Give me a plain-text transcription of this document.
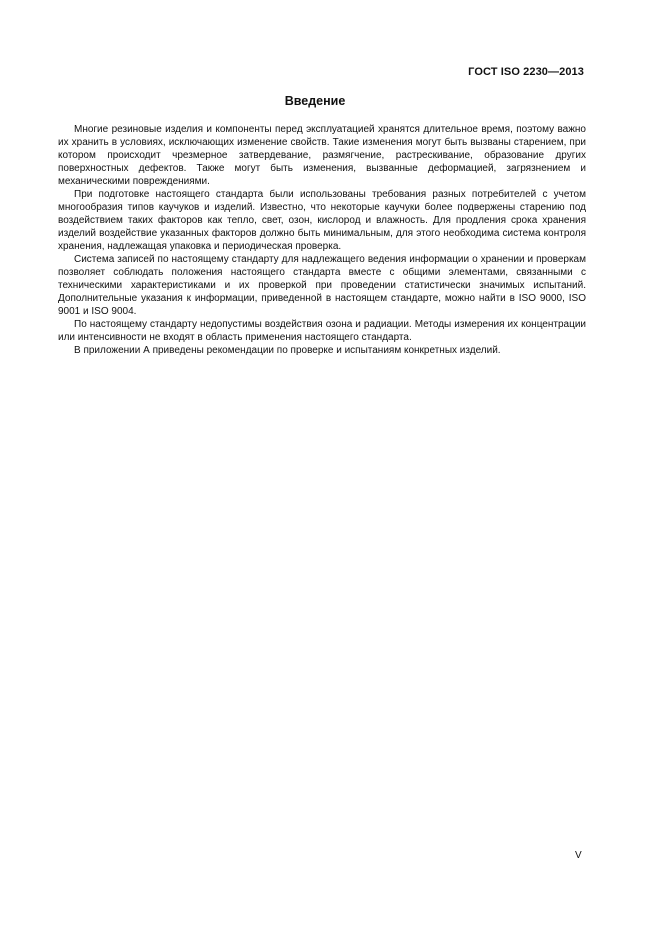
ГОСТ ISO 2230—2013
Введение

Многие резиновые изделия и компоненты перед эксплуатацией хранятся длительное время, поэтому важно их хранить в условиях, исключающих изменение свойств. Такие изменения могут быть вызваны старением, при котором происходит чрезмерное затвердевание, размягчение, растрескивание, образование других поверхностных дефектов. Также могут быть изменения, вызванные деформацией, загрязнением и механическими повреждениями.

При подготовке настоящего стандарта были использованы требования разных потребителей с учетом многообразия типов каучуков и изделий. Известно, что некоторые каучуки более подвержены старению под воздействием таких факторов как тепло, свет, озон, кислород и влажность. Для продления срока хранения изделий воздействие указанных факторов должно быть минимальным, для этого необходима система контроля хранения, надлежащая упаковка и периодическая проверка.

Система записей по настоящему стандарту для надлежащего ведения информации о хранении и проверкам позволяет соблюдать положения настоящего стандарта вместе с общими элементами, связанными с техническими характеристиками и их проверкой при проведении статистически значимых испытаний. Дополнительные указания к информации, приведенной в настоящем стандарте, можно найти в ISO 9000, ISO 9001 и ISO 9004.

По настоящему стандарту недопустимы воздействия озона и радиации. Методы измерения их концентрации или интенсивности не входят в область применения настоящего стандарта.

В приложении А приведены рекомендации по проверке и испытаниям конкретных изделий.

V
